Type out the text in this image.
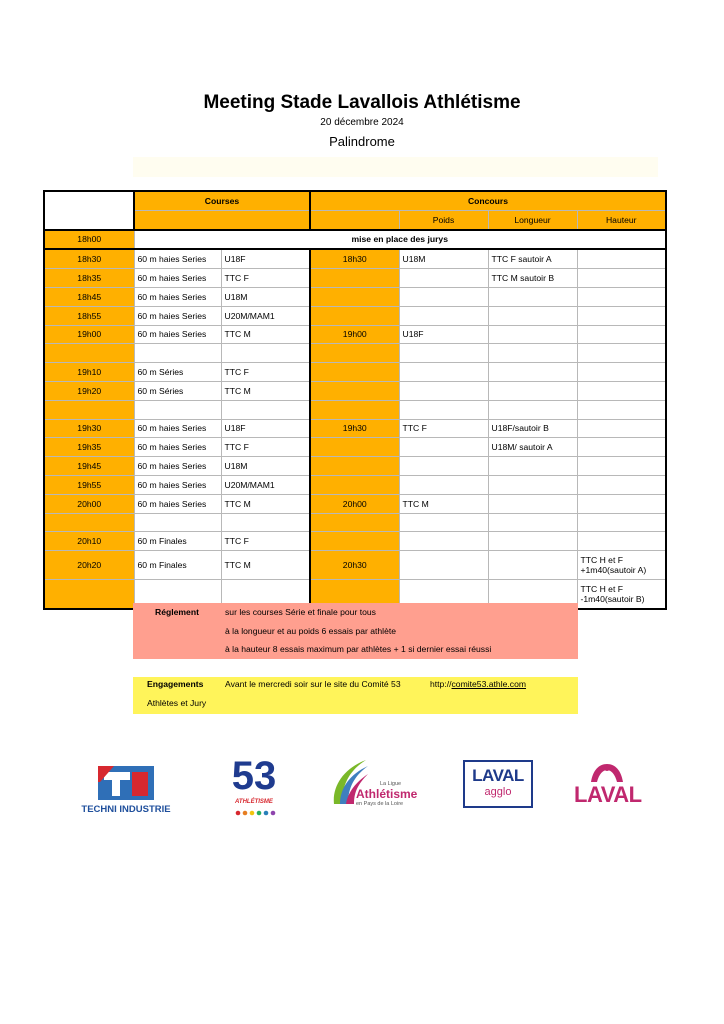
Meeting Stade Lavallois Athlétisme
20 décembre 2024
Palindrome
	Courses		Concours			
				Poids	Longueur	Hauteur
18h00	mise en place des jurys					
18h30	60 m haies Series	U18F	18h30	U18M	TTC F sautoir A	
18h35	60 m haies Series	TTC F			TTC M sautoir B	
18h45	60 m haies Series	U18M				
18h55	60 m haies Series	U20M/MAM1				
19h00	60 m haies Series	TTC M	19h00	U18F		

19h10	60 m Séries	TTC F				
19h20	60 m Séries	TTC M				

19h30	60 m haies Series	U18F	19h30	TTC F	U18F/sautoir B	
19h35	60 m haies Series	TTC F			U18M/ sautoir A	
19h45	60 m haies Series	U18M				
19h55	60 m haies Series	U20M/MAM1				
20h00	60 m haies Series	TTC M	20h00	TTC M		

20h10	60 m Finales	TTC F				
20h20	60 m Finales	TTC M	20h30			TTC H et F +1m40(sautoir A)
						TTC H et F -1m40(sautoir B)
Réglement	sur les courses Série et finale pour tous
à la longueur et au poids 6 essais par athlète
à la hauteur 8 essais maximum par athlètes + 1 si dernier essai réussi
Engagements	Avant le mercredi soir sur le site du Comité 53	http://comite53.athle.com
Athlètes et Jury
TECHNI INDUSTRIE
53
ATHLÉTISME
La Ligue
Athlétisme
en Pays de la Loire
LAVAL
agglo	LAVAL
